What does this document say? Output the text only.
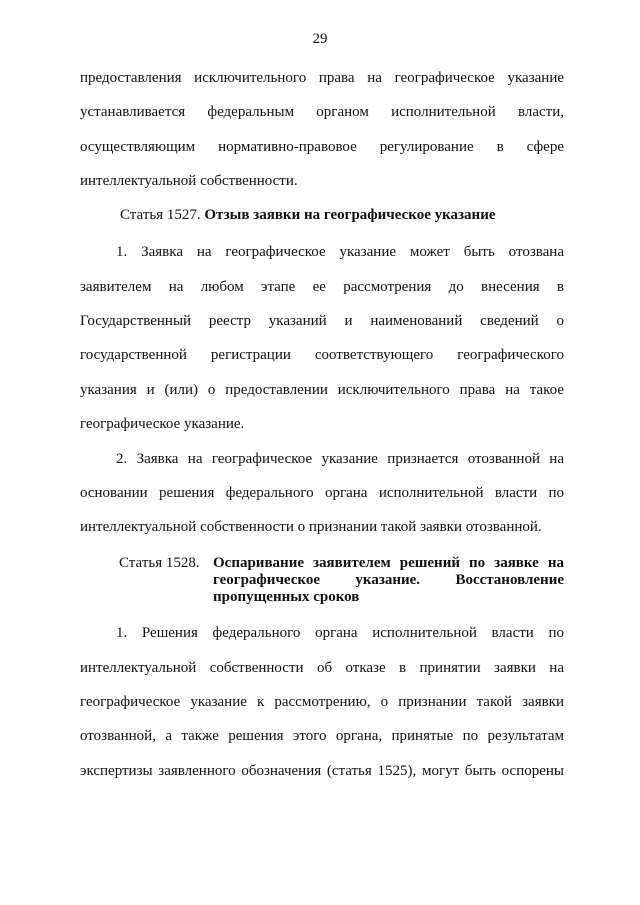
29
предоставления исключительного права на географическое указание
устанавливается федеральным органом исполнительной власти,
осуществляющим нормативно-правовое регулирование в сфере
интеллектуальной собственности.
Статья 1527. Отзыв заявки на географическое указание
1. Заявка на географическое указание может быть отозвана
заявителем на любом этапе ее рассмотрения до внесения в
Государственный реестр указаний и наименований сведений о
государственной регистрации соответствующего географического
указания и (или) о предоставлении исключительного права на такое
географическое указание.
2. Заявка на географическое указание признается отозванной на
основании решения федерального органа исполнительной власти по
интеллектуальной собственности о признании такой заявки отозванной.
Статья 1528. Оспаривание заявителем решений по заявке на
географическое указание. Восстановление
пропущенных сроков
1. Решения федерального органа исполнительной власти по
интеллектуальной собственности об отказе в принятии заявки на
географическое указание к рассмотрению, о признании такой заявки
отозванной, а также решения этого органа, принятые по результатам
экспертизы заявленного обозначения (статья 1525), могут быть оспорены
